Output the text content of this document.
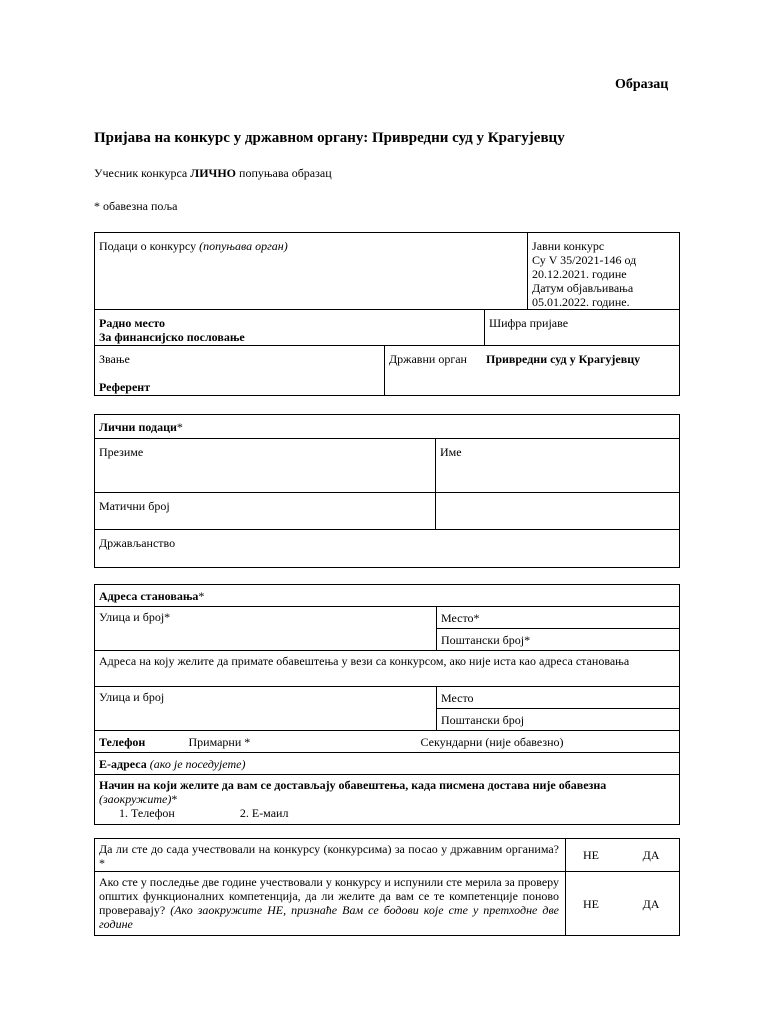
Образац
Пријава на конкурс у државном органу: Привредни суд у Крагујевцу
Учесник конкурса ЛИЧНО попуњава образац
* обавезна поља
Подаци о конкурсу (попуњава орган)			Јавни конкурс
Су V 35/2021-146 од
20.12.2021. године
Датум објављивања
05.01.2022. године.

Радно место
За финансијско пословање		Шифра пријаве	

Звање
Референт	Државни орган Привредни суд у Крагујевцу		
Лични подаци*	
Презиме	Име
Матични број	
Држављанство	
Адреса становања*			
Улица и број*			Место*
			Поштански број*
Адреса на коју желите да примате обавештења у вези са конкурсом, ако није иста као адреса становања			
Улица и број			Место
			Поштански број
Телефон	Примарни *	Секундарни (није обавезно)	
Е-адреса (ако је поседујете)			

Начин на који желите да вам се достављају обавештења, када писмена достава није обавезна
(заокружите)*
1. Телефон 2. Е-маил			
Да ли сте до сада учествовали на конкурсу (конкурсима) за посао у државним органима? *	НЕ ДА
Ако сте у последње две године учествовали у конкурсу и испунили сте мерила за проверу општих функционалних компетенција, да ли желите да вам се те компетенције поново проверавају? (Ако заокружите НЕ, признаће Вам се бодови које сте у претходне две године	НЕ ДА
